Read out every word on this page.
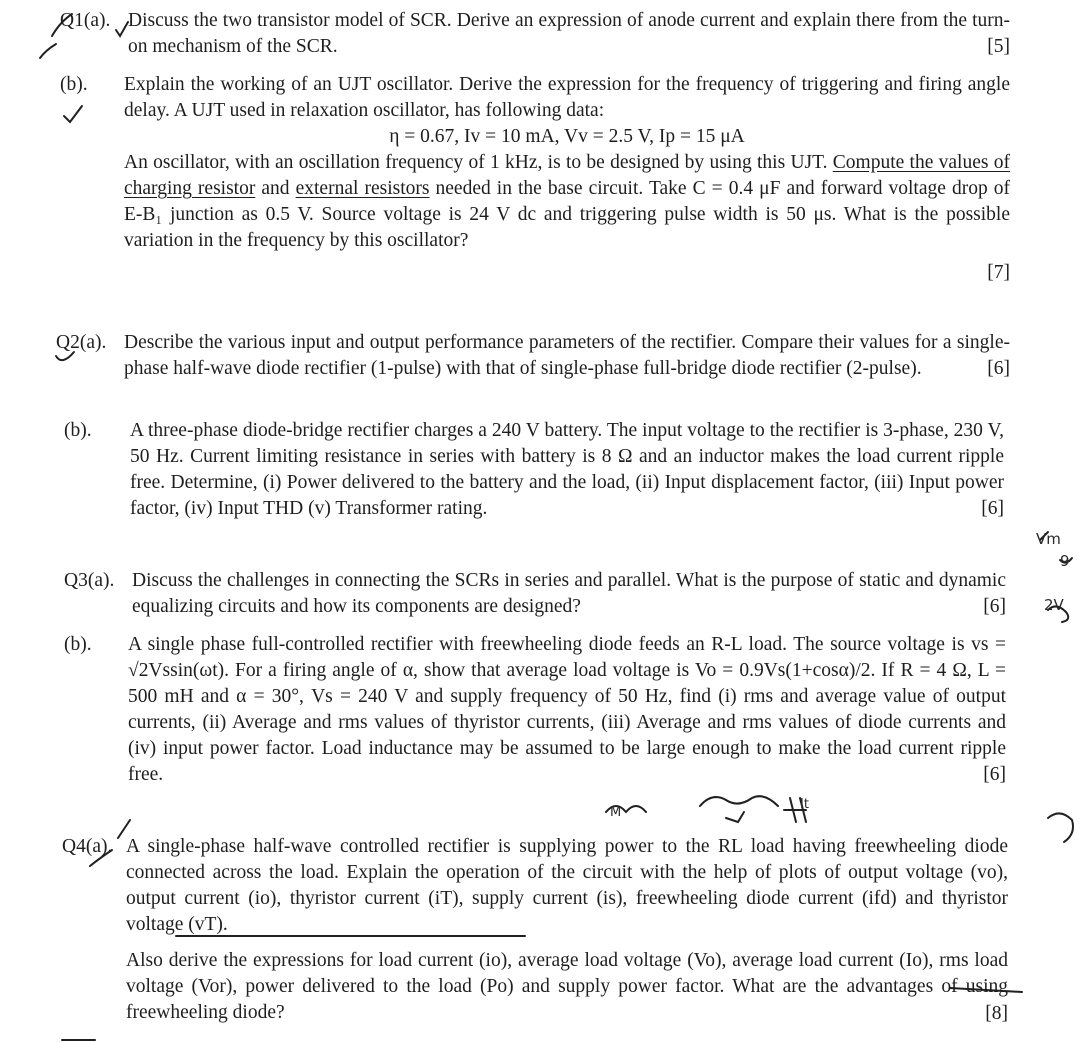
Vm
9
2V
M
It
Q1(a). Discuss the two transistor model of SCR. Derive an expression of anode current and explain there from the turn-on mechanism of the SCR.	[5]
(b). Explain the working of an UJT oscillator. Derive the expression for the frequency of triggering and firing angle delay. A UJT used in relaxation oscillator, has following data:

η = 0.67, Iv = 10 mA, Vv = 2.5 V, Ip = 15 μA

An oscillator, with an oscillation frequency of 1 kHz, is to be designed by using this UJT. Compute the values of charging resistor and external resistors needed in the base circuit. Take C = 0.4 μF and forward voltage drop of E-B₁ junction as 0.5 V. Source voltage is 24 V dc and triggering pulse width is 50 μs. What is the possible variation in the frequency by this oscillator?

[7]
Q2(a). Describe the various input and output performance parameters of the rectifier. Compare their values for a single-phase half-wave diode rectifier (1-pulse) with that of single-phase full-bridge diode rectifier (2-pulse).	[6]
(b). A three-phase diode-bridge rectifier charges a 240 V battery. The input voltage to the rectifier is 3-phase, 230 V, 50 Hz. Current limiting resistance in series with battery is 8 Ω and an inductor makes the load current ripple free. Determine, (i) Power delivered to the battery and the load, (ii) Input displacement factor, (iii) Input power factor, (iv) Input THD (v) Transformer rating.	[6]
Q3(a). Discuss the challenges in connecting the SCRs in series and parallel. What is the purpose of static and dynamic equalizing circuits and how its components are designed?	[6]
(b). A single phase full-controlled rectifier with freewheeling diode feeds an R-L load. The source voltage is vs = √2Vssin(ωt). For a firing angle of α, show that average load voltage is Vo = 0.9Vs(1+cosα)/2. If R = 4 Ω, L = 500 mH and α = 30°, Vs = 240 V and supply frequency of 50 Hz, find (i) rms and average value of output currents, (ii) Average and rms values of thyristor currents, (iii) Average and rms values of diode currents and (iv) input power factor. Load inductance may be assumed to be large enough to make the load current ripple free.	[6]
Q4(a). A single-phase half-wave controlled rectifier is supplying power to the RL load having freewheeling diode connected across the load. Explain the operation of the circuit with the help of plots of output voltage (vo), output current (io), thyristor current (iT), supply current (is), freewheeling diode current (ifd) and thyristor voltage (vT).

Also derive the expressions for load current (io), average load voltage (Vo), average load current (Io), rms load voltage (Vor), power delivered to the load (Po) and supply power factor. What are the advantages of using freewheeling diode?	[8]
